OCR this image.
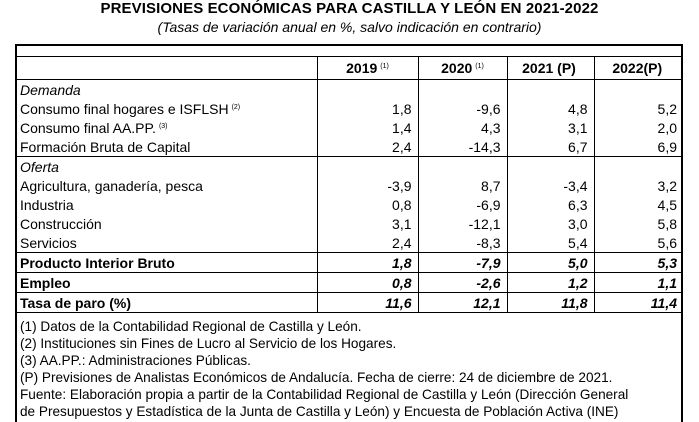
PREVISIONES ECONÓMICAS PARA CASTILLA Y LEÓN EN 2021-2022
(Tasas de variación anual en %, salvo indicación en contrario)
	2019 $^{(1)}$	2020 $^{(1)}$	2021 (P)	2022(P)
Demanda				
Consumo final hogares e ISFLSH $^{(2)}$	1,8	-9,6	4,8	5,2
Consumo final AA.PP. $^{(3)}$	1,4	4,3	3,1	2,0
Formación Bruta de Capital	2,4	-14,3	6,7	6,9
Oferta				
Agricultura, ganadería, pesca	-3,9	8,7	-3,4	3,2
Industria	0,8	-6,9	6,3	4,5
Construcción	3,1	-12,1	3,0	5,8
Servicios	2,4	-8,3	5,4	5,6
Producto Interior Bruto	1,8	-7,9	5,0	5,3
Empleo	0,8	-2,6	1,2	1,1
Tasa de paro (%)	11,6	12,1	11,8	11,4
(1) Datos de la Contabilidad Regional de Castilla y León.
(2) Instituciones sin Fines de Lucro al Servicio de los Hogares.
(3) AA.PP.: Administraciones Públicas.
(P) Previsiones de Analistas Económicos de Andalucía. Fecha de cierre: 24 de diciembre de 2021.
Fuente: Elaboración propia a partir de la Contabilidad Regional de Castilla y León (Dirección General
de Presupuestos y Estadística de la Junta de Castilla y León) y Encuesta de Población Activa (INE)
